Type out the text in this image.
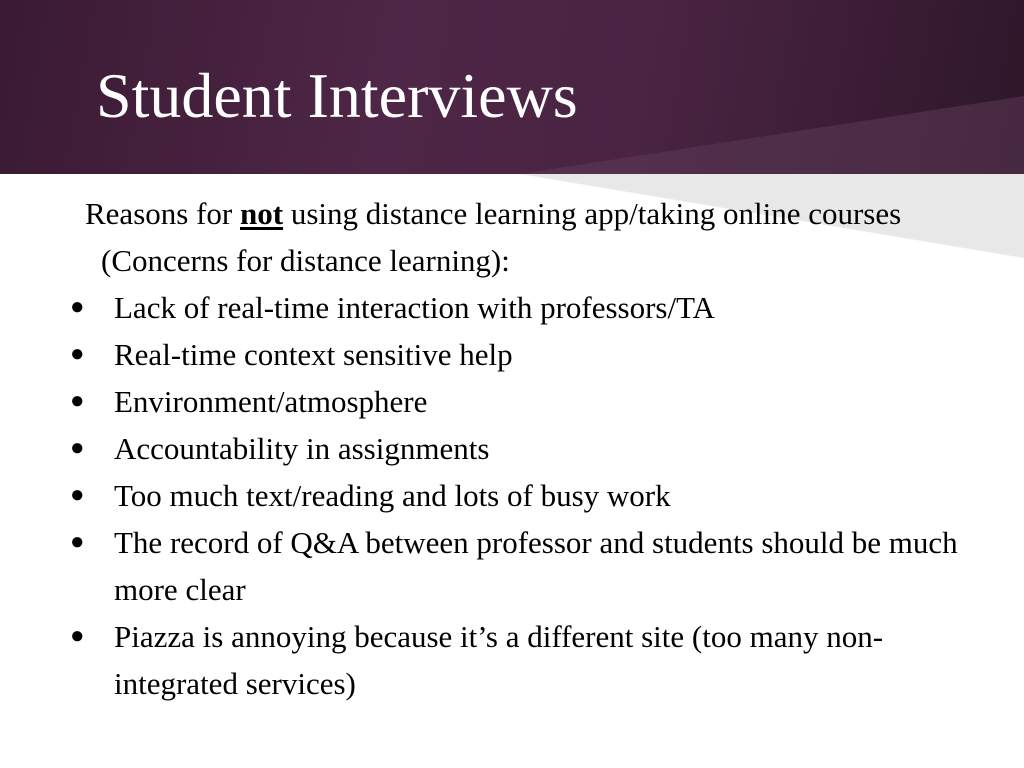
Student Interviews

Reasons for not using distance learning app/taking online courses (Concerns for distance learning):

● Lack of real-time interaction with professors/TA
● Real-time context sensitive help
● Environment/atmosphere
● Accountability in assignments
● Too much text/reading and lots of busy work
● The record of Q&A between professor and students should be much more clear
● Piazza is annoying because it’s a different site (too many non-integrated services)
